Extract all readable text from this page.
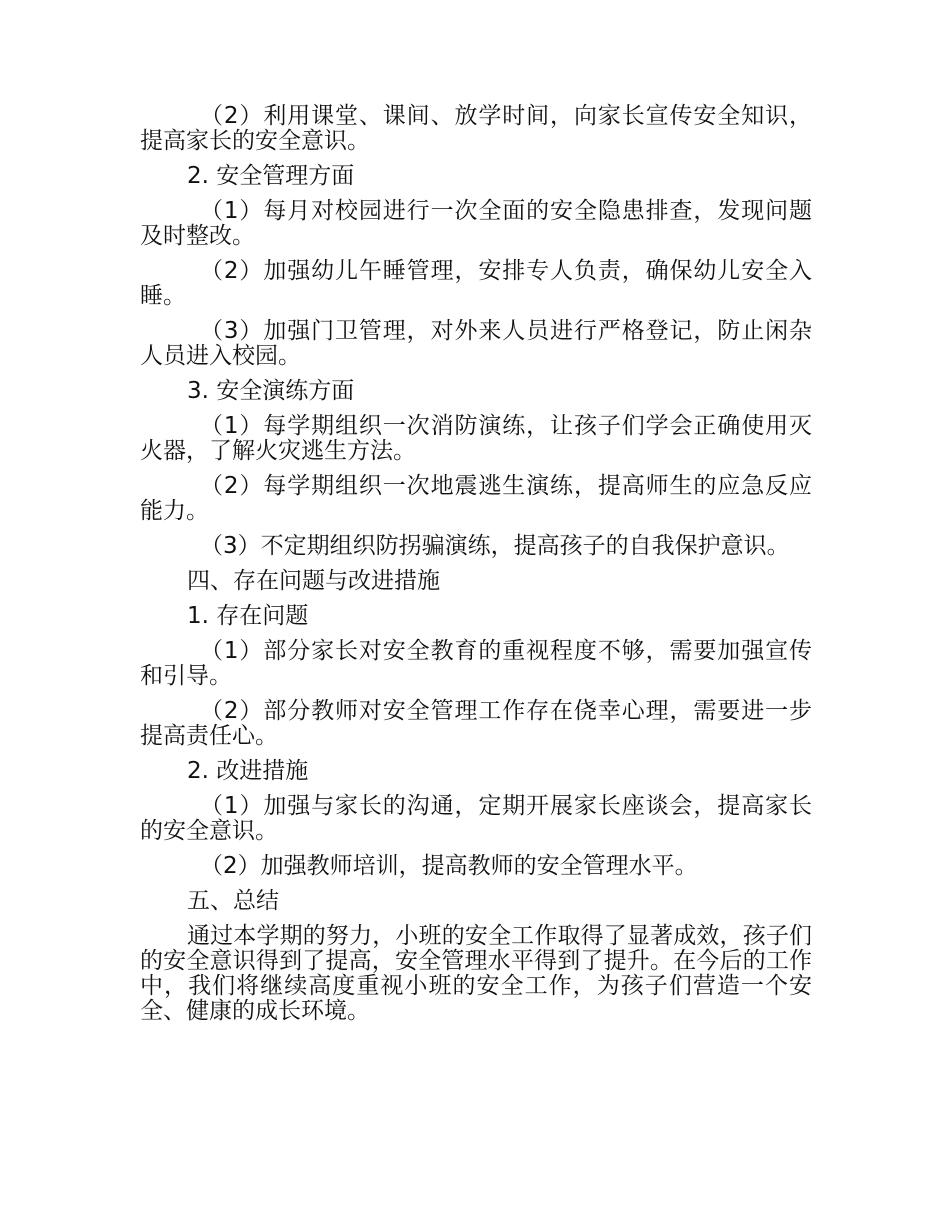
（2）利用课堂、课间、放学时间，向家长宣传安全知识，提高家长的安全意识。

2. 安全管理方面

（1）每月对校园进行一次全面的安全隐患排查，发现问题及时整改。

（2）加强幼儿午睡管理，安排专人负责，确保幼儿安全入睡。

（3）加强门卫管理，对外来人员进行严格登记，防止闲杂人员进入校园。

3. 安全演练方面

（1）每学期组织一次消防演练，让孩子们学会正确使用灭火器，了解火灾逃生方法。

（2）每学期组织一次地震逃生演练，提高师生的应急反应能力。

（3）不定期组织防拐骗演练，提高孩子的自我保护意识。

四、存在问题与改进措施

1. 存在问题

（1）部分家长对安全教育的重视程度不够，需要加强宣传和引导。

（2）部分教师对安全管理工作存在侥幸心理，需要进一步提高责任心。

2. 改进措施

（1）加强与家长的沟通，定期开展家长座谈会，提高家长的安全意识。

（2）加强教师培训，提高教师的安全管理水平。

五、总结

通过本学期的努力，小班的安全工作取得了显著成效，孩子们的安全意识得到了提高，安全管理水平得到了提升。在今后的工作中，我们将继续高度重视小班的安全工作，为孩子们营造一个安全、健康的成长环境。
